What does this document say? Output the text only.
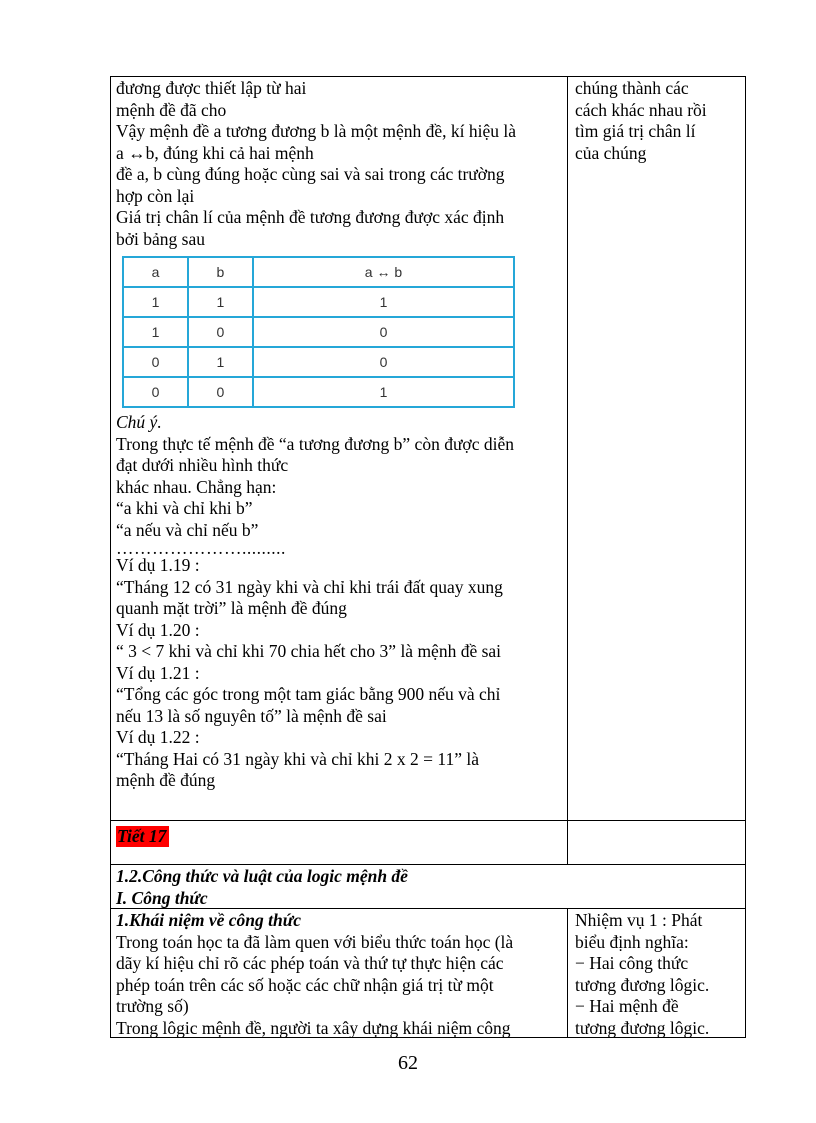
đương được thiết lập từ hai

mệnh đề đã cho

Vậy mệnh đề a tương đương b là một mệnh đề, kí hiệu là

a ↔b, đúng khi cả hai mệnh

đề a, b cùng đúng hoặc cùng sai và sai trong các trường

hợp còn lại

Giá trị chân lí của mệnh đề tương đương được xác định

bởi bảng sau

a	b	a ↔ b
1	1	1
1	0	0
0	1	0
0	0	1

Chú ý.

Trong thực tế mệnh đề “a tương đương b” còn được diễn

đạt dưới nhiều hình thức

khác nhau. Chẳng hạn:

“a khi và chỉ khi b”

“a nếu và chỉ nếu b”

………………….........

Ví dụ 1.19 :

“Tháng 12 có 31 ngày khi và chỉ khi trái đất quay xung

quanh mặt trời” là mệnh đề đúng

Ví dụ 1.20 :

“ 3 < 7 khi và chỉ khi 70 chia hết cho 3” là mệnh đề sai

Ví dụ 1.21 :

“Tổng các góc trong một tam giác bằng 900 nếu và chỉ

nếu 13 là số nguyên tố” là mệnh đề sai

Ví dụ 1.22 :

“Tháng Hai có 31 ngày khi và chỉ khi 2 x 2 = 11” là

mệnh đề đúng

chúng thành các

cách khác nhau rồi

tìm giá trị chân lí

của chúng

Tiết 17

1.2.Công thức và luật của logic mệnh đề

I. Công thức

1.Khái niệm về công thức

Trong toán học ta đã làm quen với biểu thức toán học (là

dãy kí hiệu chỉ rõ các phép toán và thứ tự thực hiện các

phép toán trên các số hoặc các chữ nhận giá trị từ một

trường số)

Trong lôgic mệnh đề, người ta xây dựng khái niệm công

Nhiệm vụ 1 : Phát

biểu định nghĩa:

− Hai công thức

tương đương lôgic.

− Hai mệnh đề

tương đương lôgic.

62
